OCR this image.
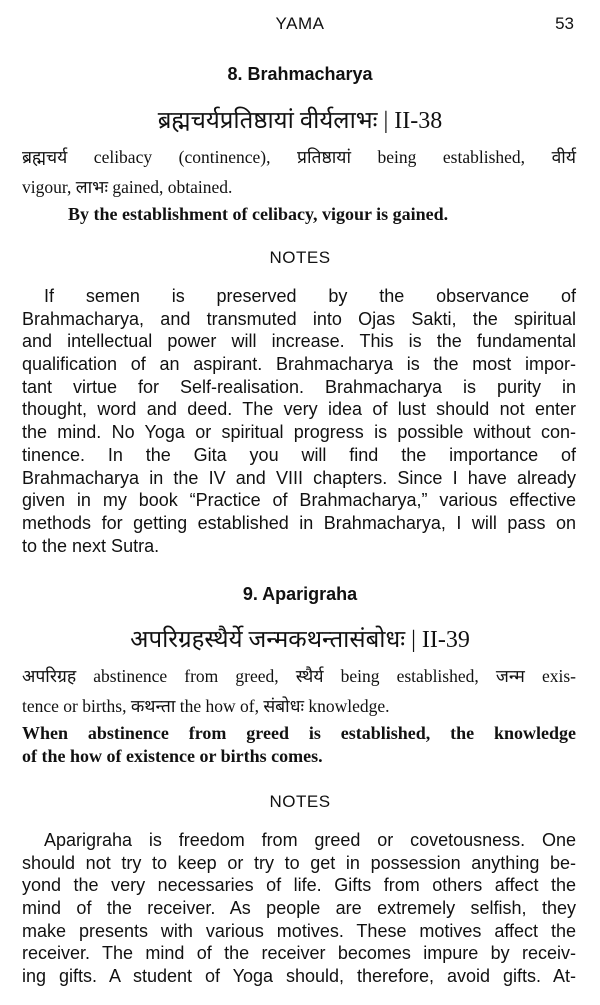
YAMA	53
8. Brahmacharya
ब्रह्मचर्यप्रतिष्ठायां वीर्यलाभः | II-38
ब्रह्मचर्य celibacy (continence), प्रतिष्ठायां being established, वीर्य
vigour, लाभः gained, obtained.
By the establishment of celibacy, vigour is gained.
NOTES
If semen is preserved by the observance of
Brahmacharya, and transmuted into Ojas Sakti, the spiritual
and intellectual power will increase. This is the fundamental
qualification of an aspirant. Brahmacharya is the most impor-
tant virtue for Self-realisation. Brahmacharya is purity in
thought, word and deed. The very idea of lust should not enter
the mind. No Yoga or spiritual progress is possible without con-
tinence. In the Gita you will find the importance of
Brahmacharya in the IV and VIII chapters. Since I have already
given in my book “Practice of Brahmacharya,” various effective
methods for getting established in Brahmacharya, I will pass on
to the next Sutra.
9. Aparigraha
अपरिग्रहस्थैर्ये जन्मकथन्तासंबोधः | II-39
अपरिग्रह abstinence from greed, स्थैर्य being established, जन्म exis-
tence or births, कथन्ता the how of, संबोधः knowledge.
When abstinence from greed is established, the knowledge
of the how of existence or births comes.
NOTES
Aparigraha is freedom from greed or covetousness. One
should not try to keep or try to get in possession anything be-
yond the very necessaries of life. Gifts from others affect the
mind of the receiver. As people are extremely selfish, they
make presents with various motives. These motives affect the
receiver. The mind of the receiver becomes impure by receiv-
ing gifts. A student of Yoga should, therefore, avoid gifts. At-
